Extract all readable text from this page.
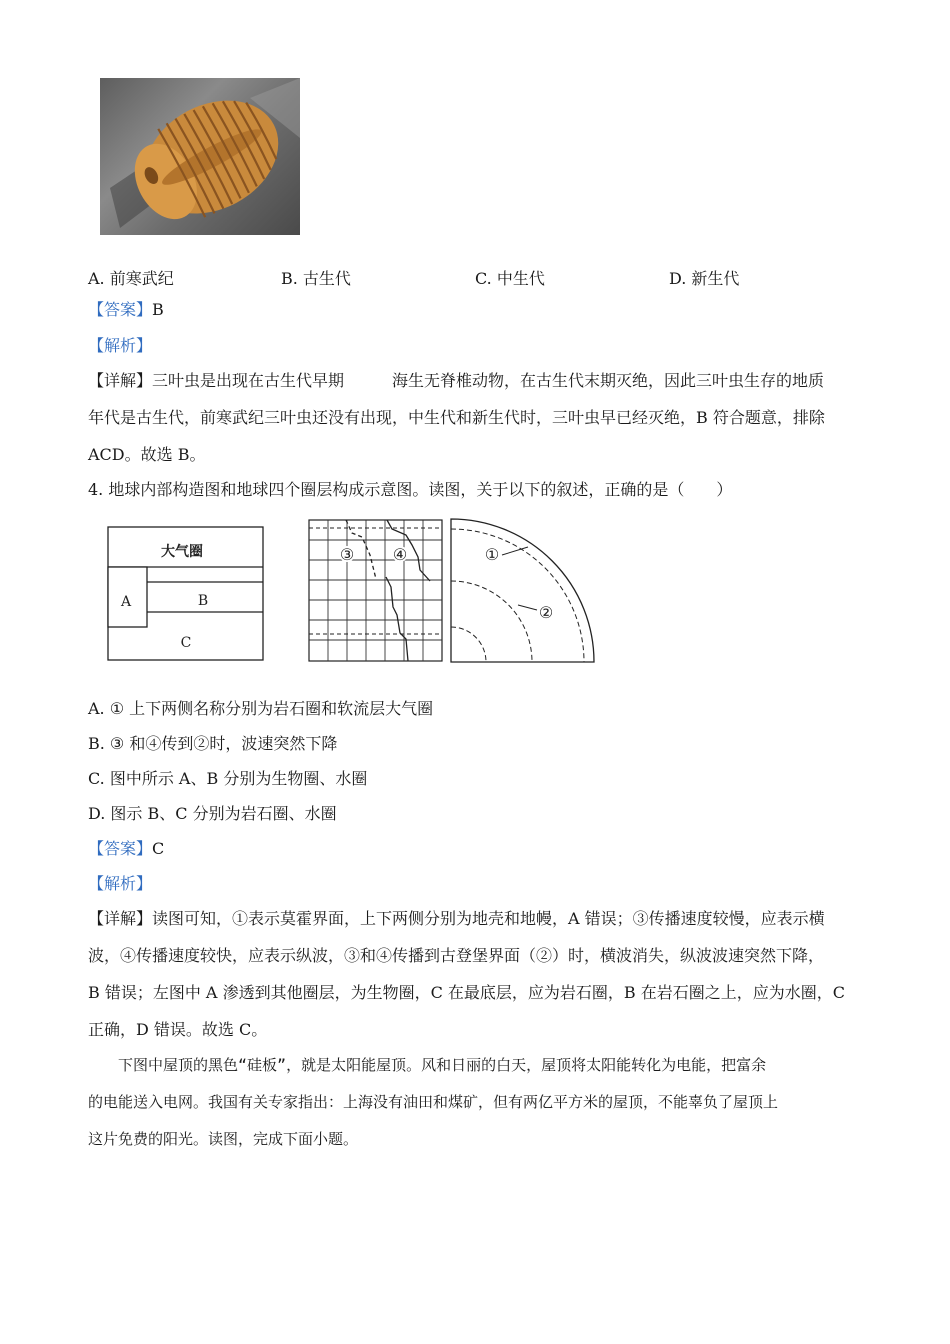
A. 前寒武纪	B. 古生代	C. 中生代	D. 新生代
【答案】B
【解析】
【详解】三叶虫是出现在古生代早期　　　海生无脊椎动物，在古生代末期灭绝，因此三叶虫生存的地质
年代是古生代，前寒武纪三叶虫还没有出现，中生代和新生代时，三叶虫早已经灭绝，B 符合题意，排除
ACD。故选 B。
4. 地球内部构造图和地球四个圈层构成示意图。读图，关于以下的叙述，正确的是（　　）
大气圈
A	B
C
③ ④	①
②
A. ① 上下两侧名称分别为岩石圈和软流层大气圈
B. ③ 和④传到②时，波速突然下降
C. 图中所示 A、B 分别为生物圈、水圈
D. 图示 B、C 分别为岩石圈、水圈
【答案】C
【解析】
【详解】读图可知，①表示莫霍界面，上下两侧分别为地壳和地幔，A 错误；③传播速度较慢，应表示横
波，④传播速度较快，应表示纵波，③和④传播到古登堡界面（②）时，横波消失，纵波波速突然下降，
B 错误；左图中 A 渗透到其他圈层，为生物圈，C 在最底层，应为岩石圈，B 在岩石圈之上，应为水圈，C
正确，D 错误。故选 C。
　　下图中屋顶的黑色“硅板”，就是太阳能屋顶。风和日丽的白天，屋顶将太阳能转化为电能，把富余
的电能送入电网。我国有关专家指出：上海没有油田和煤矿，但有两亿平方米的屋顶，不能辜负了屋顶上
这片免费的阳光。读图，完成下面小题。
